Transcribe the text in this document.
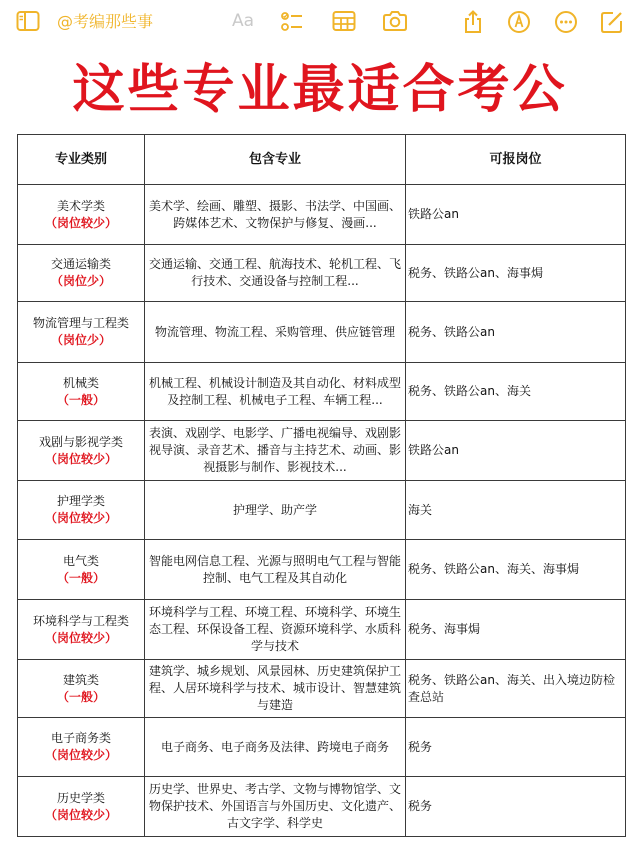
@考编那些事	Aa
这些专业最适合考公
专业类别	包含专业	可报岗位

美术学类
（岗位较少）	美术学、绘画、雕塑、摄影、书法学、中国画、跨媒体艺术、文物保护与修复、漫画...	铁路公an

交通运输类
（岗位少）	交通运输、交通工程、航海技术、轮机工程、飞行技术、交通设备与控制工程...	税务、铁路公an、海事焗

物流管理与工程类
（岗位少）	物流管理、物流工程、采购管理、供应链管理	税务、铁路公an

机械类
（一般）	机械工程、机械设计制造及其自动化、材料成型及控制工程、机械电子工程、车辆工程...	税务、铁路公an、海关

戏剧与影视学类
（岗位较少）	表演、戏剧学、电影学、广播电视编导、戏剧影视导演、录音艺术、播音与主持艺术、动画、影视摄影与制作、影视技术...	铁路公an

护理学类
（岗位较少）	护理学、助产学	海关

电气类
（一般）	智能电网信息工程、光源与照明电气工程与智能控制、电气工程及其自动化	税务、铁路公an、海关、海事焗

环境科学与工程类
（岗位较少）	环境科学与工程、环境工程、环境科学、环境生态工程、环保设备工程、资源环境科学、水质科学与技术	税务、海事焗

建筑类
（一般）	建筑学、城乡规划、风景园林、历史建筑保护工程、人居环境科学与技术、城市设计、智慧建筑与建造	税务、铁路公an、海关、出入境边防检查总站

电子商务类
（岗位较少）	电子商务、电子商务及法律、跨境电子商务	税务

历史学类
（岗位较少）	历史学、世界史、考古学、文物与博物馆学、文物保护技术、外国语言与外国历史、文化遗产、古文字学、科学史	税务
